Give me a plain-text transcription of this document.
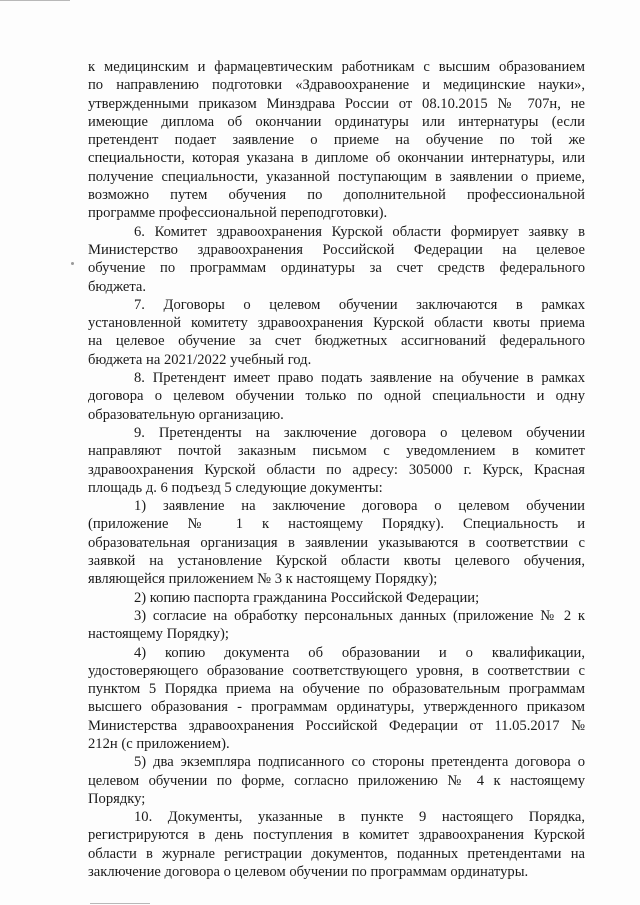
к медицинским и фармацевтическим работникам с высшим образованием
по направлению подготовки «Здравоохранение и медицинские науки»,
утвержденными приказом Минздрава России от 08.10.2015 № 707н, не
имеющие диплома об окончании ординатуры или интернатуры (если
претендент подает заявление о приеме на обучение по той же
специальности, которая указана в дипломе об окончании интернатуры, или
получение специальности, указанной поступающим в заявлении о приеме,
возможно путем обучения по дополнительной профессиональной
программе профессиональной переподготовки).
6. Комитет здравоохранения Курской области формирует заявку в
Министерство здравоохранения Российской Федерации на целевое
обучение по программам ординатуры за счет средств федерального
бюджета.
7. Договоры о целевом обучении заключаются в рамках
установленной комитету здравоохранения Курской области квоты приема
на целевое обучение за счет бюджетных ассигнований федерального
бюджета на 2021/2022 учебный год.
8. Претендент имеет право подать заявление на обучение в рамках
договора о целевом обучении только по одной специальности и одну
образовательную организацию.
9. Претенденты на заключение договора о целевом обучении
направляют почтой заказным письмом с уведомлением в комитет
здравоохранения Курской области по адресу: 305000 г. Курск, Красная
площадь д. 6 подъезд 5 следующие документы:
1) заявление на заключение договора о целевом обучении
(приложение № 1 к настоящему Порядку). Специальность и
образовательная организация в заявлении указываются в соответствии с
заявкой на установление Курской области квоты целевого обучения,
являющейся приложением № 3 к настоящему Порядку);
2) копию паспорта гражданина Российской Федерации;
3) согласие на обработку персональных данных (приложение № 2 к
настоящему Порядку);
4) копию документа об образовании и о квалификации,
удостоверяющего образование соответствующего уровня, в соответствии с
пунктом 5 Порядка приема на обучение по образовательным программам
высшего образования - программам ординатуры, утвержденного приказом
Министерства здравоохранения Российской Федерации от 11.05.2017 №
212н (с приложением).
5) два экземпляра подписанного со стороны претендента договора о
целевом обучении по форме, согласно приложению № 4 к настоящему
Порядку;
10. Документы, указанные в пункте 9 настоящего Порядка,
регистрируются в день поступления в комитет здравоохранения Курской
области в журнале регистрации документов, поданных претендентами на
заключение договора о целевом обучении по программам ординатуры.
